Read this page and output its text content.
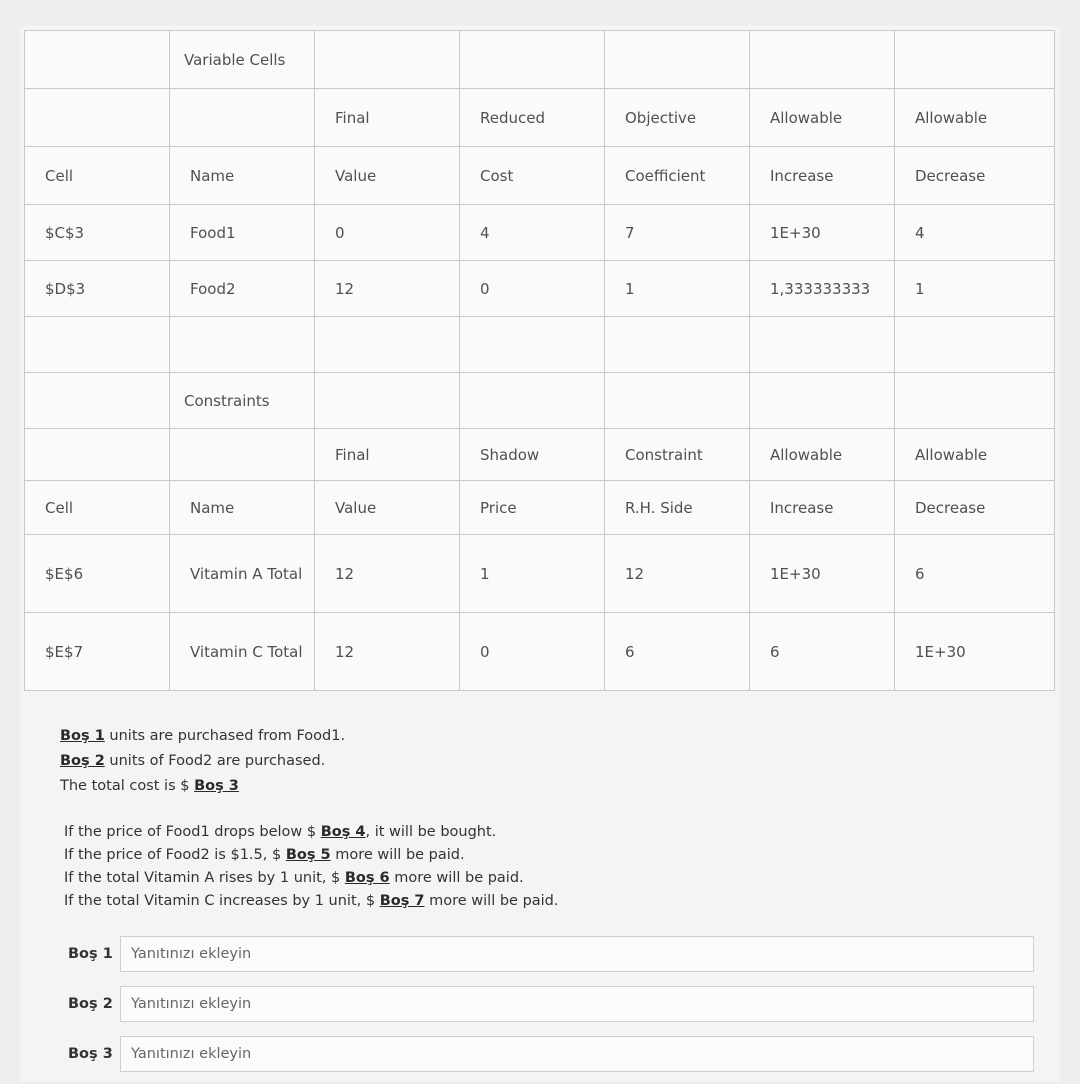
	Variable Cells					
		Final	Reduced	Objective	Allowable	Allowable
Cell	Name	Value	Cost	Coefficient	Increase	Decrease
$C$3	Food1	0	4	7	1E+30	4
$D$3	Food2	12	0	1	1,333333333	1

	Constraints					
		Final	Shadow	Constraint	Allowable	Allowable
Cell	Name	Value	Price	R.H. Side	Increase	Decrease
$E$6	Vitamin A Total	12	1	12	1E+30	6
$E$7	Vitamin C Total	12	0	6	6	1E+30
Boş 1 units are purchased from Food1.
Boş 2 units of Food2 are purchased.
The total cost is $ Boş 3
If the price of Food1 drops below $ Boş 4, it will be bought.
If the price of Food2 is $1.5, $ Boş 5 more will be paid.
If the total Vitamin A rises by 1 unit, $ Boş 6 more will be paid.
If the total Vitamin C increases by 1 unit, $ Boş 7 more will be paid.
Boş 1
Yanıtınızı ekleyin
Boş 2
Yanıtınızı ekleyin
Boş 3
Yanıtınızı ekleyin
